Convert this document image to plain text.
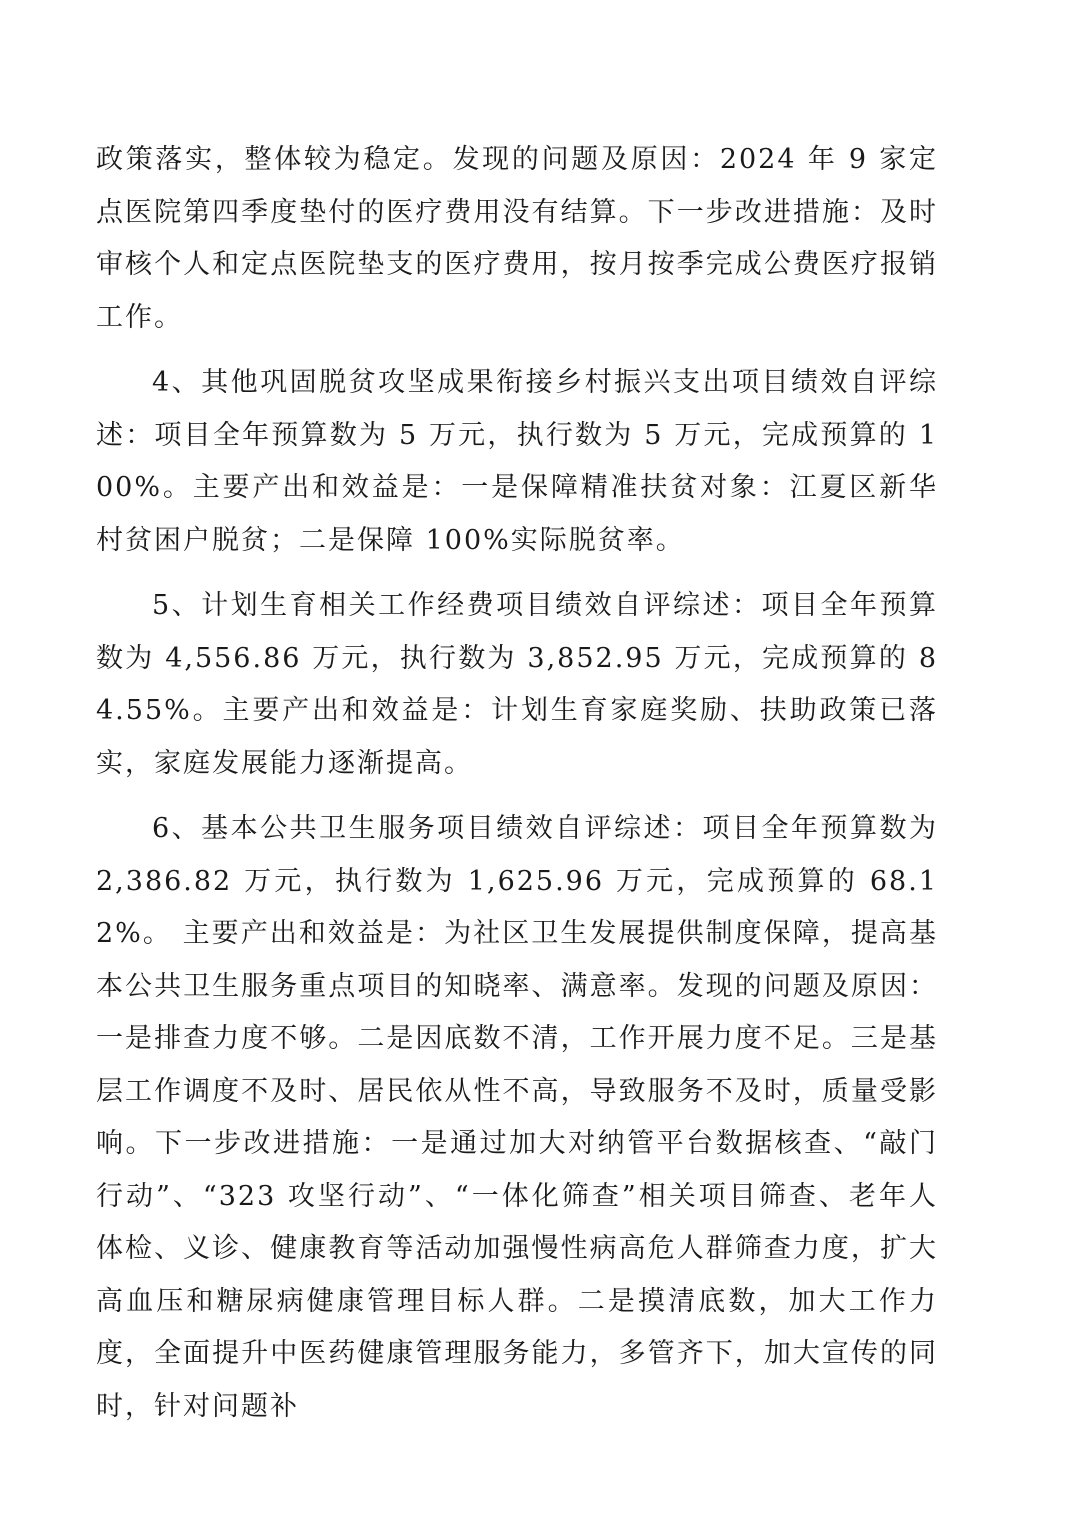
政策落实，整体较为稳定。发现的问题及原因：2024 年 9 家定点医院第四季度垫付的医疗费用没有结算。下一步改进措施：及时审核个人和定点医院垫支的医疗费用，按月按季完成公费医疗报销工作。

4、其他巩固脱贫攻坚成果衔接乡村振兴支出项目绩效自评综述：项目全年预算数为 5 万元，执行数为 5 万元，完成预算的 100%。主要产出和效益是：一是保障精准扶贫对象：江夏区新华村贫困户脱贫；二是保障 100%实际脱贫率。

5、计划生育相关工作经费项目绩效自评综述：项目全年预算数为 4,556.86 万元，执行数为 3,852.95 万元，完成预算的 84.55%。主要产出和效益是：计划生育家庭奖励、扶助政策已落实，家庭发展能力逐渐提高。

6、基本公共卫生服务项目绩效自评综述：项目全年预算数为 2,386.82 万元，执行数为 1,625.96 万元，完成预算的 68.12%。 主要产出和效益是：为社区卫生发展提供制度保障，提高基本公共卫生服务重点项目的知晓率、满意率。发现的问题及原因：一是排查力度不够。二是因底数不清，工作开展力度不足。三是基层工作调度不及时、居民依从性不高，导致服务不及时，质量受影响。下一步改进措施：一是通过加大对纳管平台数据核查、“敲门行动”、“323 攻坚行动”、“一体化筛查”相关项目筛查、老年人体检、义诊、健康教育等活动加强慢性病高危人群筛查力度，扩大高血压和糖尿病健康管理目标人群。二是摸清底数，加大工作力度，全面提升中医药健康管理服务能力，多管齐下，加大宣传的同时，针对问题补
